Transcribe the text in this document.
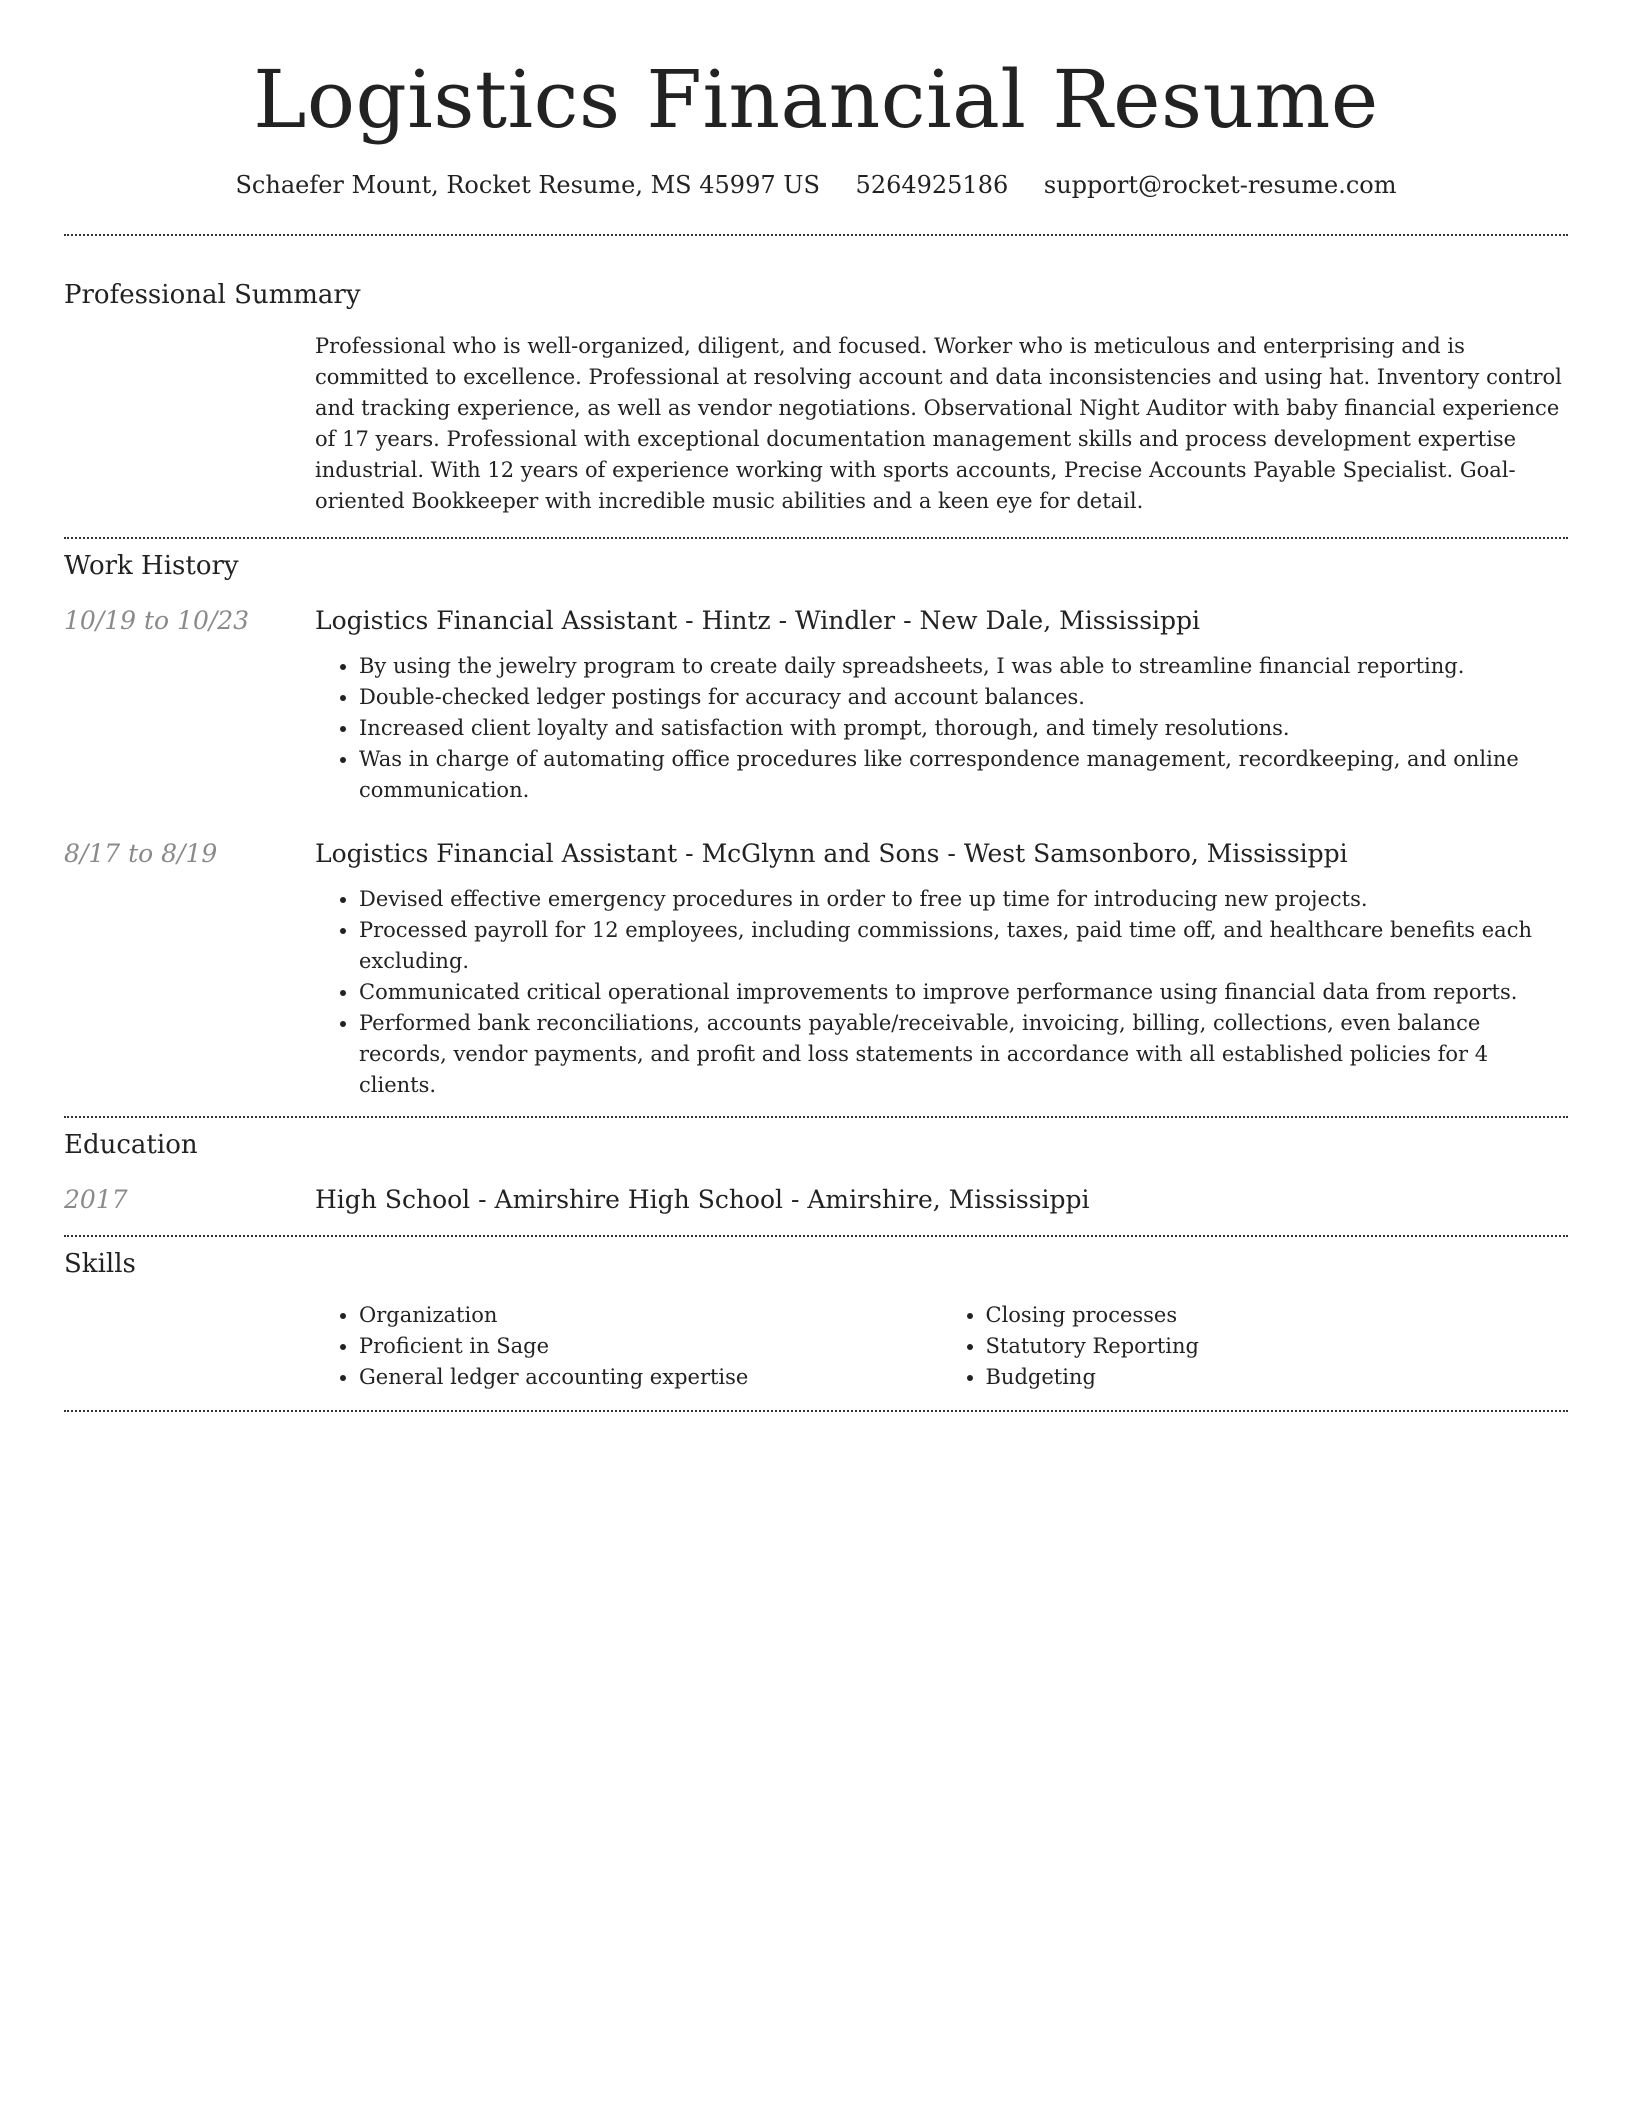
Logistics Financial Resume
Schaefer Mount, Rocket Resume, MS 45997 US 5264925186 support@rocket-resume.com
Professional Summary
Professional who is well-organized, diligent, and focused. Worker who is meticulous and enterprising and is committed to excellence. Professional at resolving account and data inconsistencies and using hat. Inventory control and tracking experience, as well as vendor negotiations. Observational Night Auditor with baby financial experience of 17 years. Professional with exceptional documentation management skills and process development expertise industrial. With 12 years of experience working with sports accounts, Precise Accounts Payable Specialist. Goal-oriented Bookkeeper with incredible music abilities and a keen eye for detail.
Work History
10/19 to 10/23	Logistics Financial Assistant - Hintz - Windler - New Dale, Mississippi
• By using the jewelry program to create daily spreadsheets, I was able to streamline financial reporting.
• Double-checked ledger postings for accuracy and account balances.
• Increased client loyalty and satisfaction with prompt, thorough, and timely resolutions.
• Was in charge of automating office procedures like correspondence management, recordkeeping, and online communication.
8/17 to 8/19	Logistics Financial Assistant - McGlynn and Sons - West Samsonboro, Mississippi
• Devised effective emergency procedures in order to free up time for introducing new projects.
• Processed payroll for 12 employees, including commissions, taxes, paid time off, and healthcare benefits each excluding.
• Communicated critical operational improvements to improve performance using financial data from reports.
• Performed bank reconciliations, accounts payable/receivable, invoicing, billing, collections, even balance records, vendor payments, and profit and loss statements in accordance with all established policies for 4 clients.
Education
2017	High School - Amirshire High School - Amirshire, Mississippi
Skills
• Organization
• Proficient in Sage
• General ledger accounting expertise
• Closing processes
• Statutory Reporting
• Budgeting
